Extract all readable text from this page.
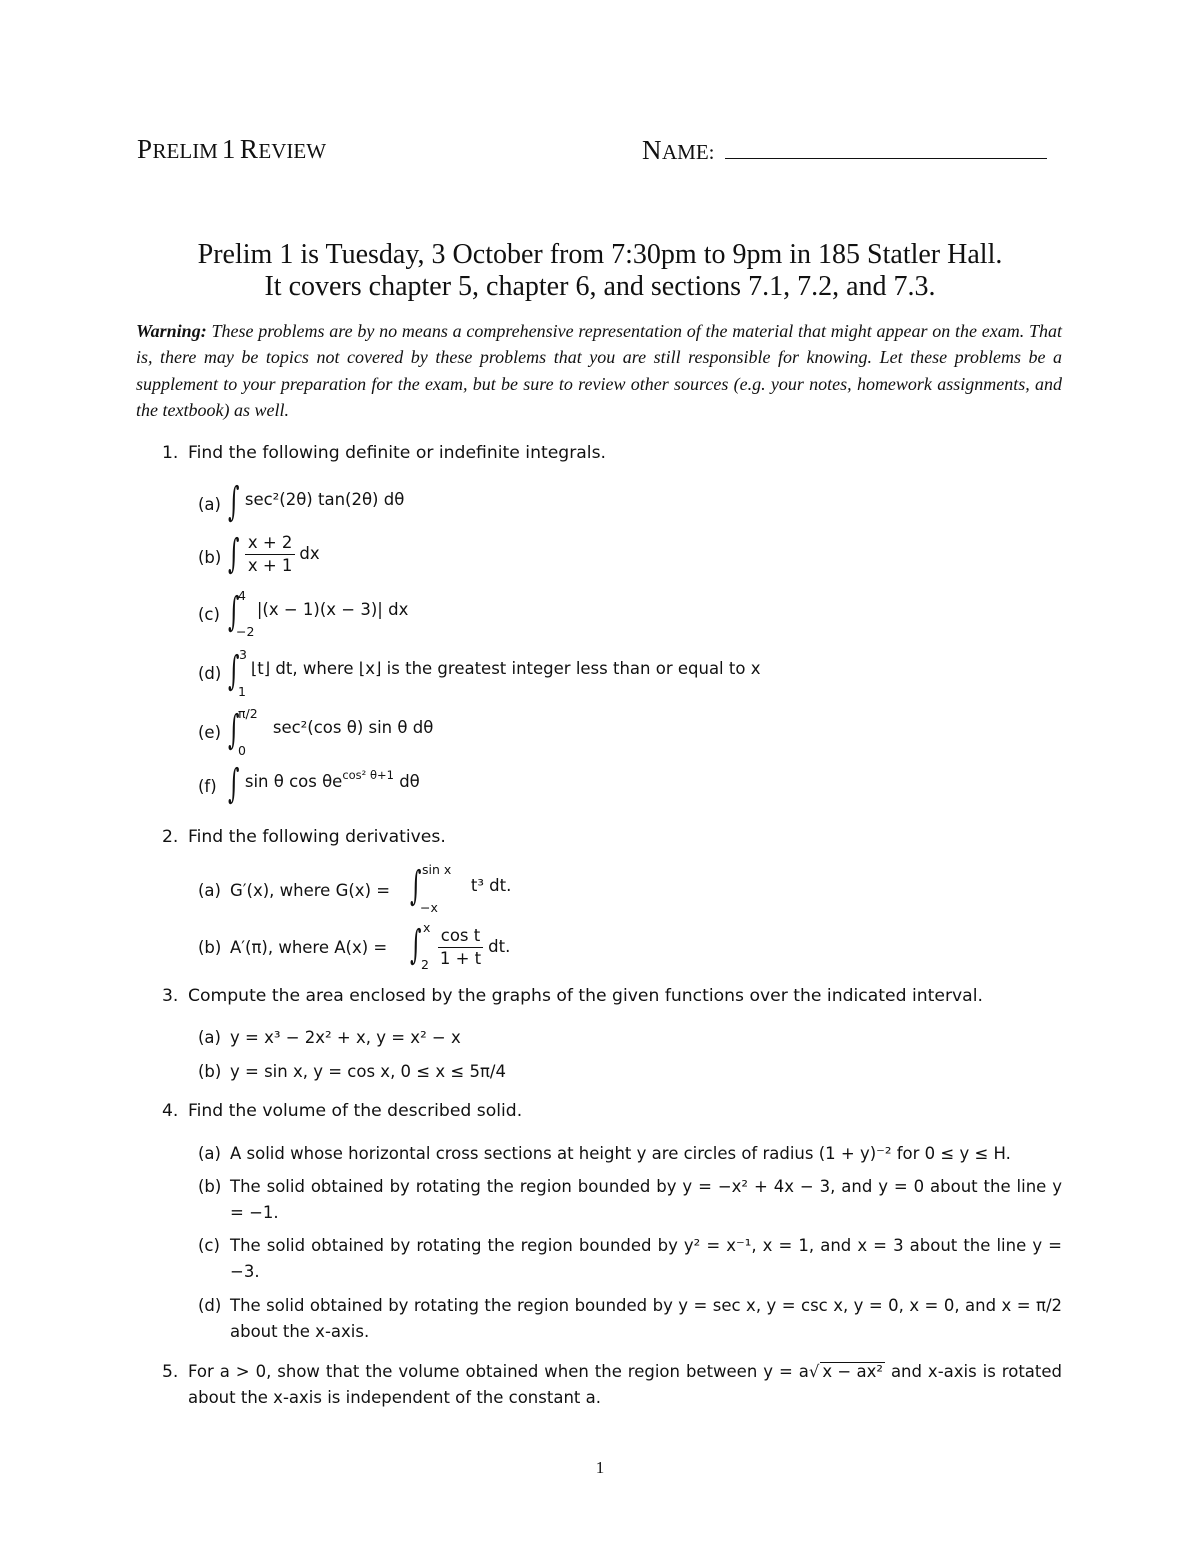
PRELIM 1 REVIEW	NAME:
Prelim 1 is Tuesday, 3 October from 7:30pm to 9pm in 185 Statler Hall.
It covers chapter 5, chapter 6, and sections 7.1, 7.2, and 7.3.
Warning: These problems are by no means a comprehensive representation of the material that might appear on the exam. That is, there may be topics not covered by these problems that you are still responsible for knowing. Let these problems be a supplement to your preparation for the exam, but be sure to review other sources (e.g. your notes, homework assignments, and the textbook) as well.
1. Find the following definite or indefinite integrals.
(a) ∫ sec²(2θ) tan(2θ) dθ
(b) ∫ $\frac{x + 2}{x + 1}$ dx
(c) ∫ |(x − 1)(x − 3)| dx
4
−2
(d) ∫ ⌊t⌋ dt, where ⌊x⌋ is the greatest integer less than or equal to x
3
1
(e) ∫ sec²(cos θ) sin θ dθ
π/2
0
(f) ∫ sin θ $\cos \theta e^{cos^2 \theta+1}$ dθ
2. Find the following derivatives.
(a) G′(x), where G(x) = ∫	t³ dt.
sin x
−x
(b) A′(π), where A(x) = ∫ $\frac{\text{cos t}}{1 + t}$ dt.
x
2
3. Compute the area enclosed by the graphs of the given functions over the indicated interval.
(a) y = x³ − 2x² + x, y = x² − x
(b) y = sin x, y = cos x, 0 ≤ x ≤ 5π/4
4. Find the volume of the described solid.
(a) A solid whose horizontal cross sections at height y are circles of radius (1 + y)⁻² for 0 ≤ y ≤ H.
(b) The solid obtained by rotating the region bounded by y = −x² + 4x − 3, and y = 0 about the line y = −1.
(c) The solid obtained by rotating the region bounded by y² = x⁻¹, x = 1, and x = 3 about the line y = −3.
(d) The solid obtained by rotating the region bounded by y = sec x, y = csc x, y = 0, x = 0, and x = π/2 about the x-axis.
5. For a > 0, show that the volume obtained when the region between y = a√ x − ax² and x-axis is rotated about the x-axis is independent of the constant a.
1
